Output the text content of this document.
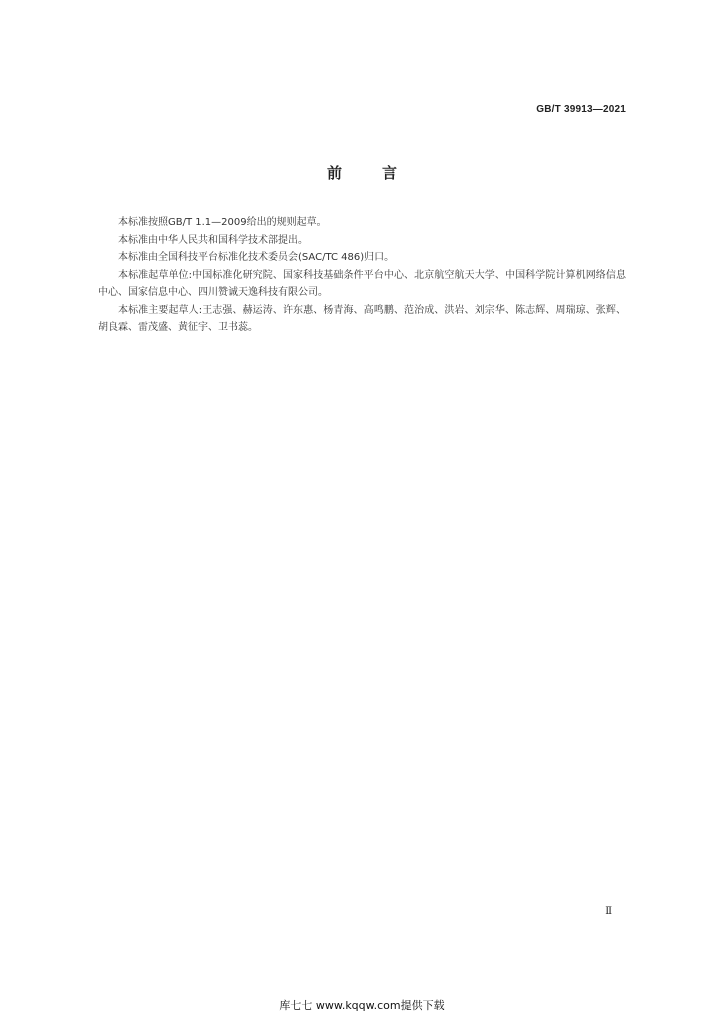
GB/T 39913—2021
前言

本标准按照GB/T 1.1—2009给出的规则起草。

本标准由中华人民共和国科学技术部提出。

本标准由全国科技平台标准化技术委员会(SAC/TC 486)归口。

本标准起草单位:中国标准化研究院、国家科技基础条件平台中心、北京航空航天大学、中国科学院计算机网络信息中心、国家信息中心、四川赞诚天逸科技有限公司。

本标准主要起草人:王志强、赫运涛、许东惠、杨青海、高鸣鹏、范治成、洪岩、刘宗华、陈志辉、周瑞琼、张辉、胡良霖、雷茂盛、黄征宇、卫书蕊。

Ⅱ
库七七 www.kqqw.com提供下载
